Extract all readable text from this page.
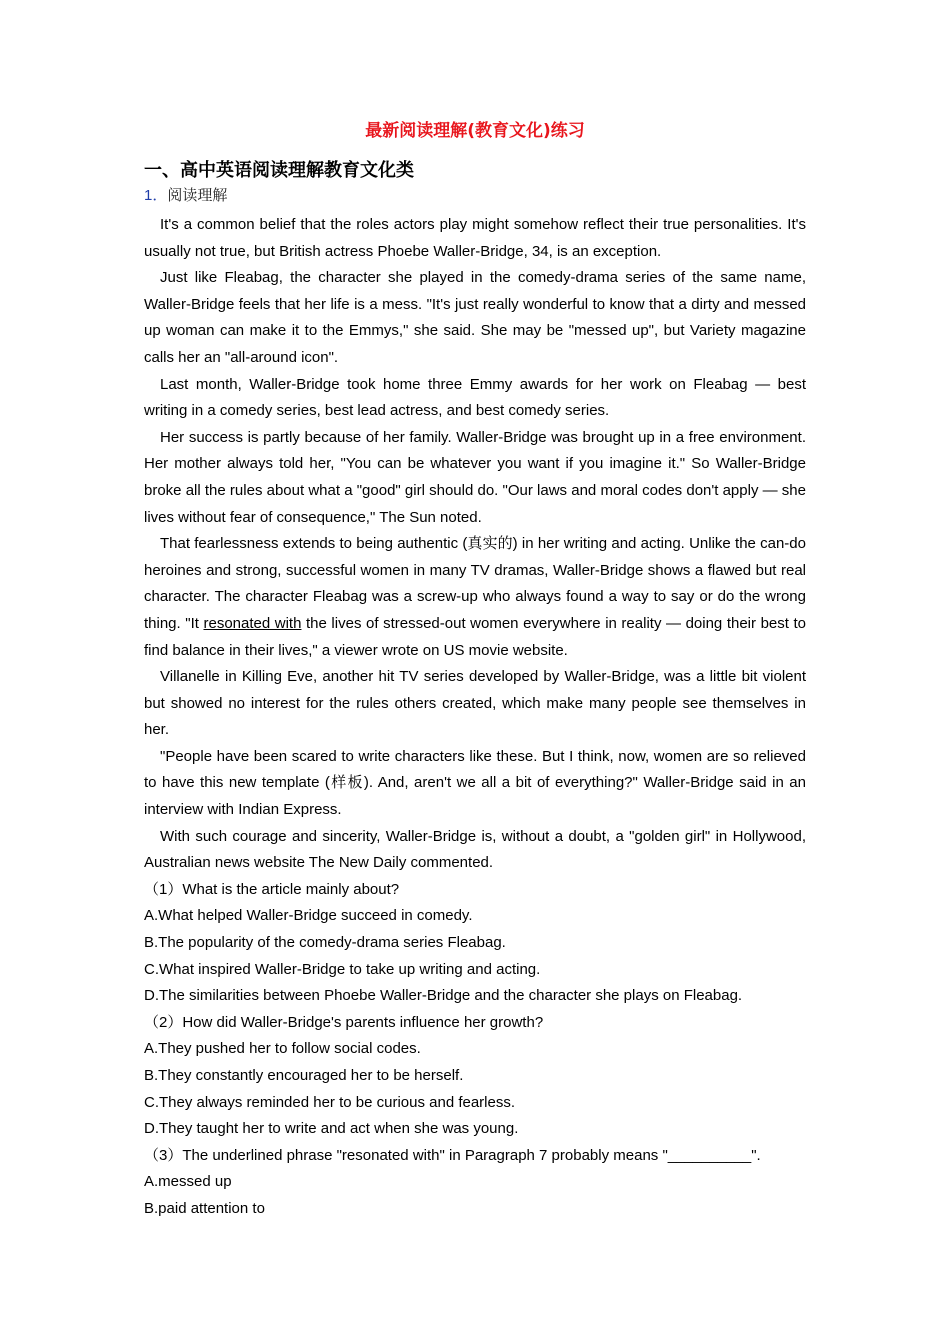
最新阅读理解(教育文化)练习

一、高中英语阅读理解教育文化类

1．阅读理解

It's a common belief that the roles actors play might somehow reflect their true personalities. It's usually not true, but British actress Phoebe Waller-Bridge, 34, is an exception.

Just like Fleabag, the character she played in the comedy-drama series of the same name, Waller-Bridge feels that her life is a mess. "It's just really wonderful to know that a dirty and messed up woman can make it to the Emmys," she said. She may be "messed up", but Variety magazine calls her an "all-around icon".

Last month, Waller-Bridge took home three Emmy awards for her work on Fleabag — best writing in a comedy series, best lead actress, and best comedy series.

Her success is partly because of her family. Waller-Bridge was brought up in a free environment. Her mother always told her, "You can be whatever you want if you imagine it." So Waller-Bridge broke all the rules about what a "good" girl should do. "Our laws and moral codes don't apply — she lives without fear of consequence," The Sun noted.

That fearlessness extends to being authentic (真实的) in her writing and acting. Unlike the can-do heroines and strong, successful women in many TV dramas, Waller-Bridge shows a flawed but real character. The character Fleabag was a screw-up who always found a way to say or do the wrong thing. "It resonated with the lives of stressed-out women everywhere in reality — doing their best to find balance in their lives," a viewer wrote on US movie website.

Villanelle in Killing Eve, another hit TV series developed by Waller-Bridge, was a little bit violent but showed no interest for the rules others created, which make many people see themselves in her.

"People have been scared to write characters like these. But I think, now, women are so relieved to have this new template (样板). And, aren't we all a bit of everything?" Waller-Bridge said in an interview with Indian Express.

With such courage and sincerity, Waller-Bridge is, without a doubt, a "golden girl" in Hollywood, Australian news website The New Daily commented.

（1）What is the article mainly about?

A.What helped Waller-Bridge succeed in comedy.

B.The popularity of the comedy-drama series Fleabag.

C.What inspired Waller-Bridge to take up writing and acting.

D.The similarities between Phoebe Waller-Bridge and the character she plays on Fleabag.

（2）How did Waller-Bridge's parents influence her growth?

A.They pushed her to follow social codes.

B.They constantly encouraged her to be herself.

C.They always reminded her to be curious and fearless.

D.They taught her to write and act when she was young.

（3）The underlined phrase "resonated with" in Paragraph 7 probably means "__________".

A.messed up

B.paid attention to
